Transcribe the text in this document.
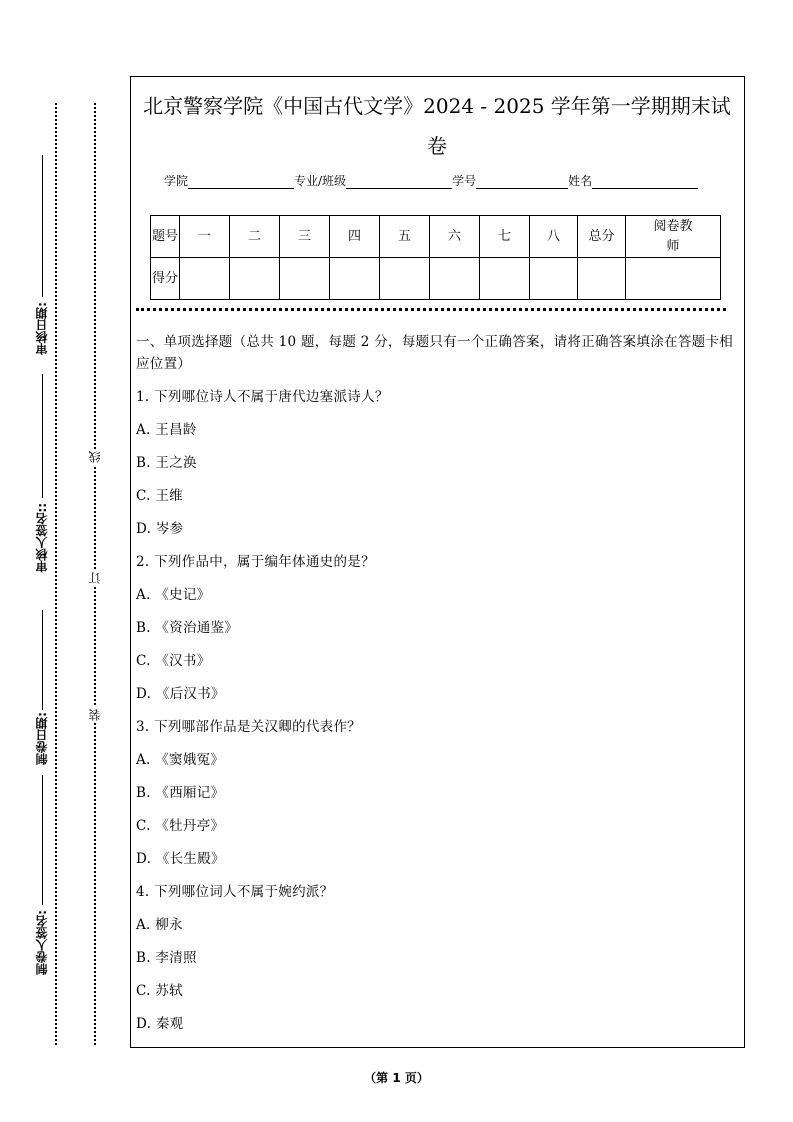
审核日期:
审核人签名::
制卷日期:
制卷人签名:
线
订
装
北京警察学院《中国古代文学》2024 - 2025 学年第一学期期末试卷
学院	专业/班级	学号	姓名
题号	一	二	三	四	五	六	七	八	总分	阅卷教师
得分										
一、单项选择题（总共 10 题，每题 2 分，每题只有一个正确答案，请将正确答案填涂在答题卡相应位置）
1. 下列哪位诗人不属于唐代边塞派诗人？
A. 王昌龄
B. 王之涣
C. 王维
D. 岑参
2. 下列作品中，属于编年体通史的是？
A. 《史记》
B. 《资治通鉴》
C. 《汉书》
D. 《后汉书》
3. 下列哪部作品是关汉卿的代表作？
A. 《窦娥冤》
B. 《西厢记》
C. 《牡丹亭》
D. 《长生殿》
4. 下列哪位词人不属于婉约派？
A. 柳永
B. 李清照
C. 苏轼
D. 秦观
（第 1 页）
